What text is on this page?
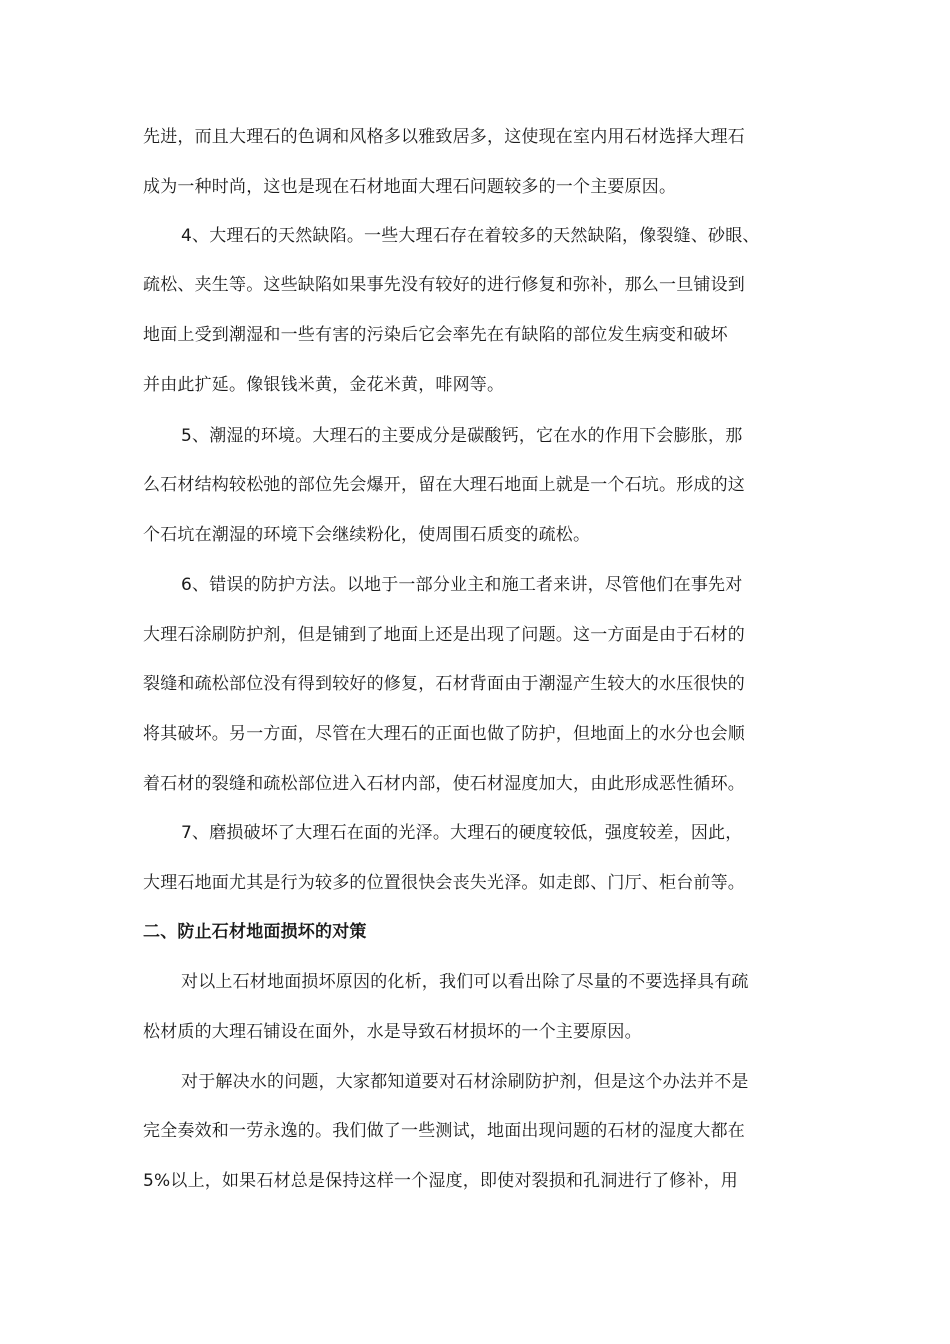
先进，而且大理石的色调和风格多以雅致居多，这使现在室内用石材选择大理石
成为一种时尚，这也是现在石材地面大理石问题较多的一个主要原因。
4、大理石的天然缺陷。一些大理石存在着较多的天然缺陷，像裂缝、砂眼、
疏松、夹生等。这些缺陷如果事先没有较好的进行修复和弥补，那么一旦铺设到
地面上受到潮湿和一些有害的污染后它会率先在有缺陷的部位发生病变和破坏
并由此扩延。像银钱米黄，金花米黄，啡网等。
5、潮湿的环境。大理石的主要成分是碳酸钙，它在水的作用下会膨胀，那
么石材结构较松弛的部位先会爆开，留在大理石地面上就是一个石坑。形成的这
个石坑在潮湿的环境下会继续粉化，使周围石质变的疏松。
6、错误的防护方法。以地于一部分业主和施工者来讲，尽管他们在事先对
大理石涂刷防护剂，但是铺到了地面上还是出现了问题。这一方面是由于石材的
裂缝和疏松部位没有得到较好的修复，石材背面由于潮湿产生较大的水压很快的
将其破坏。另一方面，尽管在大理石的正面也做了防护，但地面上的水分也会顺
着石材的裂缝和疏松部位进入石材内部，使石材湿度加大，由此形成恶性循环。
7、磨损破坏了大理石在面的光泽。大理石的硬度较低，强度较差，因此，
大理石地面尤其是行为较多的位置很快会丧失光泽。如走郎、门厅、柜台前等。
二、防止石材地面损坏的对策
对以上石材地面损坏原因的化析，我们可以看出除了尽量的不要选择具有疏
松材质的大理石铺设在面外，水是导致石材损坏的一个主要原因。
对于解决水的问题，大家都知道要对石材涂刷防护剂，但是这个办法并不是
完全奏效和一劳永逸的。我们做了一些测试，地面出现问题的石材的湿度大都在
5%以上，如果石材总是保持这样一个湿度，即使对裂损和孔洞进行了修补，用
